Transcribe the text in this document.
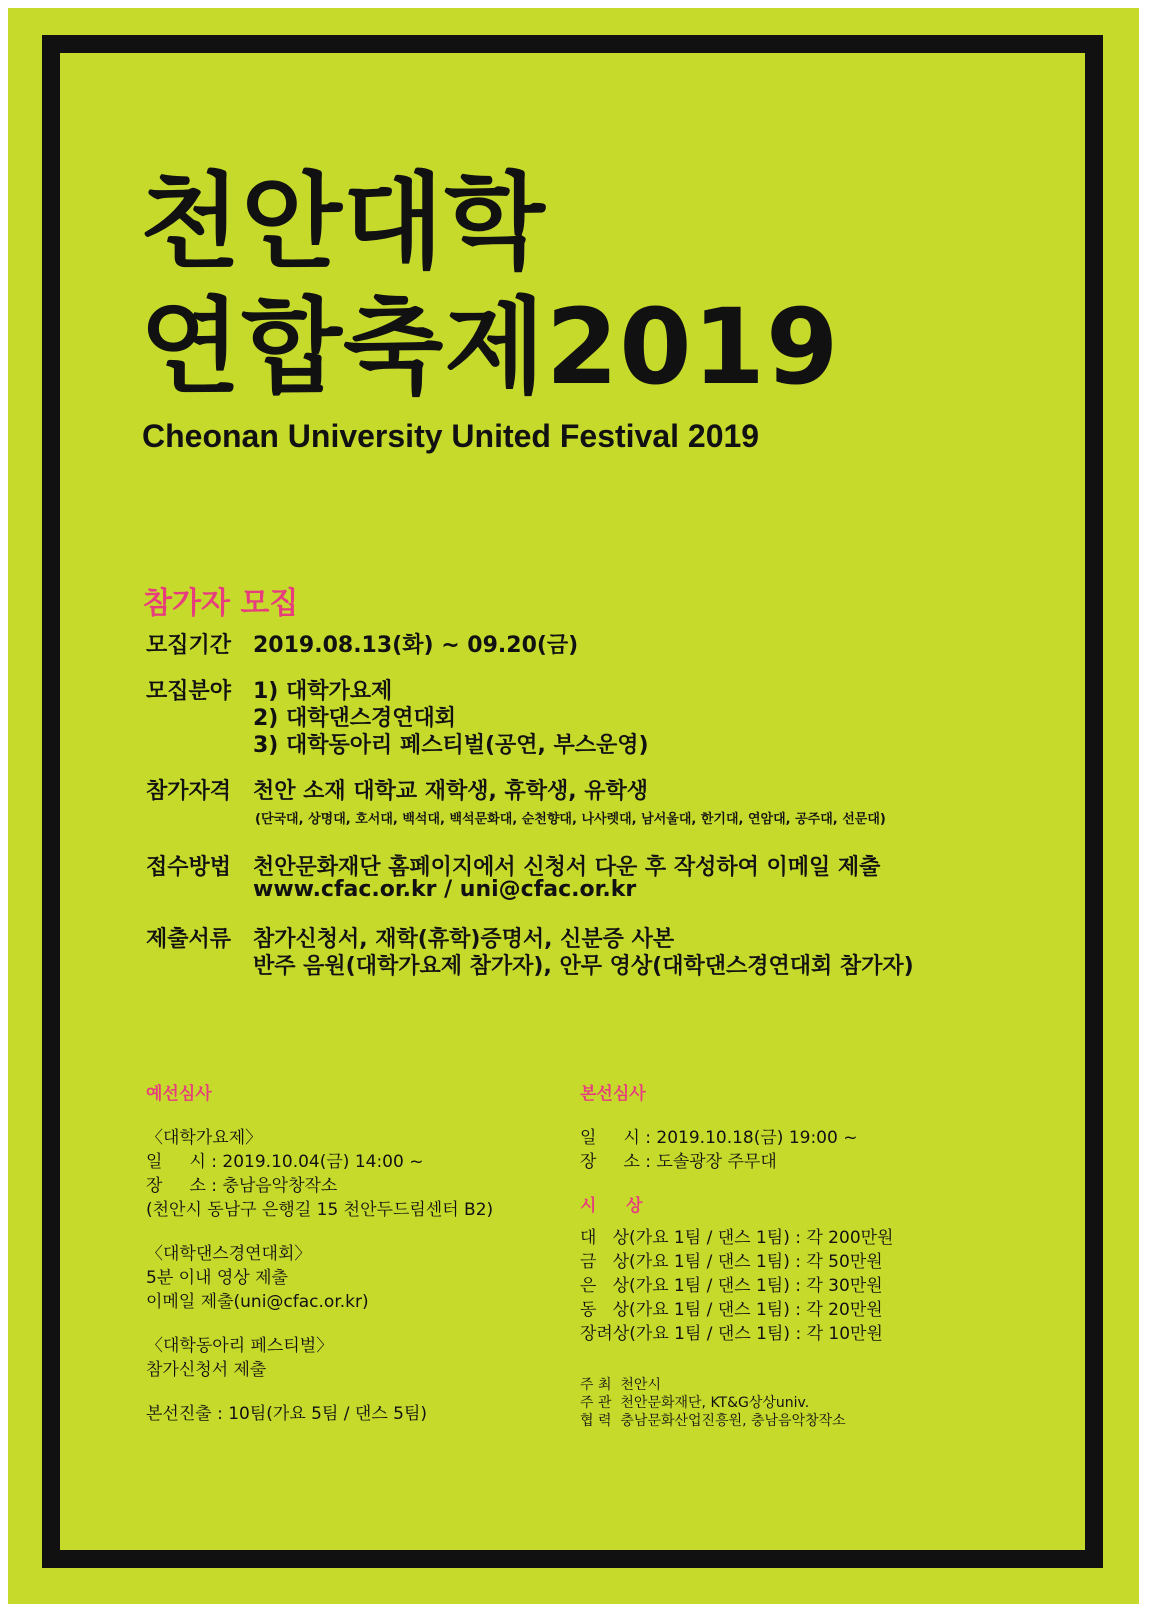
천안대학
연합축제2019
Cheonan University United Festival 2019
참가자 모집
모집기간 2019.08.13(화) ~ 09.20(금)
모집분야 1) 대학가요제
2) 대학댄스경연대회
3) 대학동아리 페스티벌(공연, 부스운영)
참가자격 천안 소재 대학교 재학생, 휴학생, 유학생
(단국대, 상명대, 호서대, 백석대, 백석문화대, 순천향대, 나사렛대, 남서울대, 한기대, 연암대, 공주대, 선문대)
접수방법 천안문화재단 홈페이지에서 신청서 다운 후 작성하여 이메일 제출
www.cfac.or.kr / uni@cfac.or.kr
제출서류 참가신청서, 재학(휴학)증명서, 신분증 사본
반주 음원(대학가요제 참가자), 안무 영상(대학댄스경연대회 참가자)
예선심사
〈대학가요제〉
일     시 : 2019.10.04(금) 14:00 ~
장     소 : 충남음악창작소
(천안시 동남구 은행길 15 천안두드림센터 B2)
〈대학댄스경연대회〉
5분 이내 영상 제출
이메일 제출(uni@cfac.or.kr)
〈대학동아리 페스티벌〉
참가신청서 제출
본선진출 : 10팀(가요 5팀 / 댄스 5팀)
본선심사
일     시 : 2019.10.18(금) 19:00 ~
장     소 : 도솔광장 주무대
시     상
대   상(가요 1팀 / 댄스 1팀) : 각 200만원
금   상(가요 1팀 / 댄스 1팀) : 각 50만원
은   상(가요 1팀 / 댄스 1팀) : 각 30만원
동   상(가요 1팀 / 댄스 1팀) : 각 20만원
장려상(가요 1팀 / 댄스 1팀) : 각 10만원
주 최  천안시
주 관  천안문화재단, KT&G상상univ.
협 력  충남문화산업진흥원, 충남음악창작소
